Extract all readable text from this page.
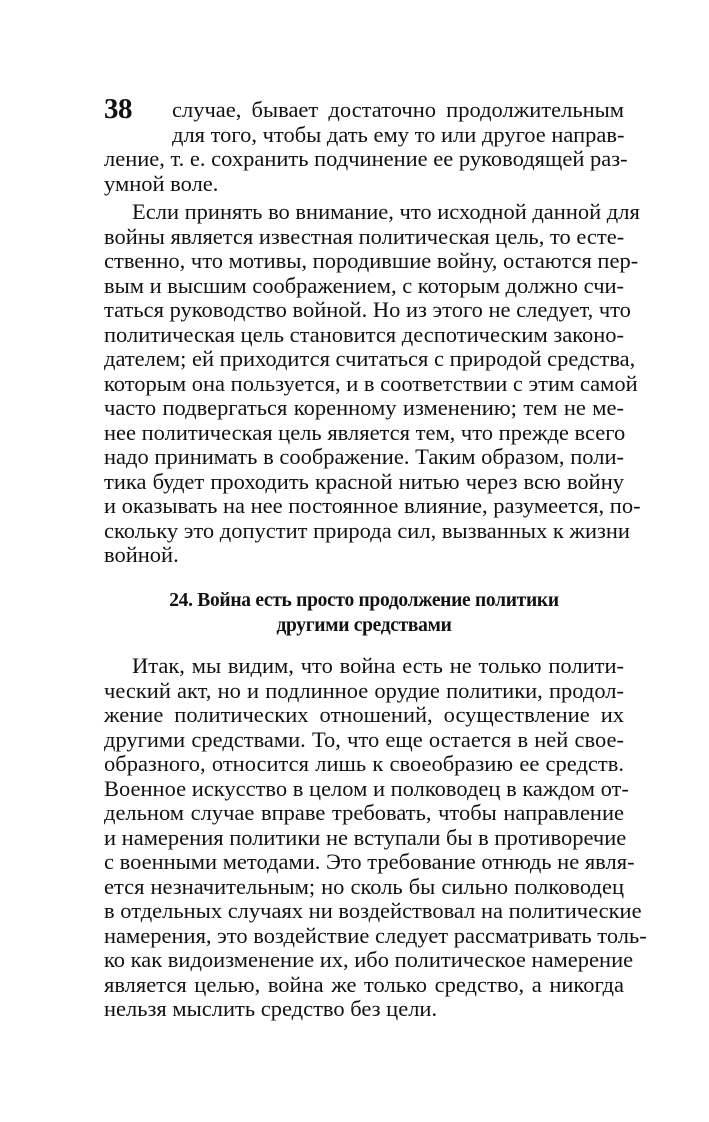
38	случае, бывает достаточно продолжительным
для того, чтобы дать ему то или другое направ-
ление, т. е. сохранить подчинение ее руководящей раз-
умной воле.
Если принять во внимание, что исходной данной для
войны является известная политическая цель, то есте-
ственно, что мотивы, породившие войну, остаются пер-
вым и высшим соображением, с которым должно счи-
таться руководство войной. Но из этого не следует, что
политическая цель становится деспотическим законо-
дателем; ей приходится считаться с природой средства,
которым она пользуется, и в соответствии с этим самой
часто подвергаться коренному изменению; тем не ме-
нее политическая цель является тем, что прежде всего
надо принимать в соображение. Таким образом, поли-
тика будет проходить красной нитью через всю войну
и оказывать на нее постоянное влияние, разумеется, по-
скольку это допустит природа сил, вызванных к жизни
войной.
24. Война есть просто продолжение политики
другими средствами
Итак, мы видим, что война есть не только полити-
ческий акт, но и подлинное орудие политики, продол-
жение политических отношений, осуществление их
другими средствами. То, что еще остается в ней свое-
образного, относится лишь к своеобразию ее средств.
Военное искусство в целом и полководец в каждом от-
дельном случае вправе требовать, чтобы направление
и намерения политики не вступали бы в противоречие
с военными методами. Это требование отнюдь не явля-
ется незначительным; но сколь бы сильно полководец
в отдельных случаях ни воздействовал на политические
намерения, это воздействие следует рассматривать толь-
ко как видоизменение их, ибо политическое намерение
является целью, война же только средство, а никогда
нельзя мыслить средство без цели.
